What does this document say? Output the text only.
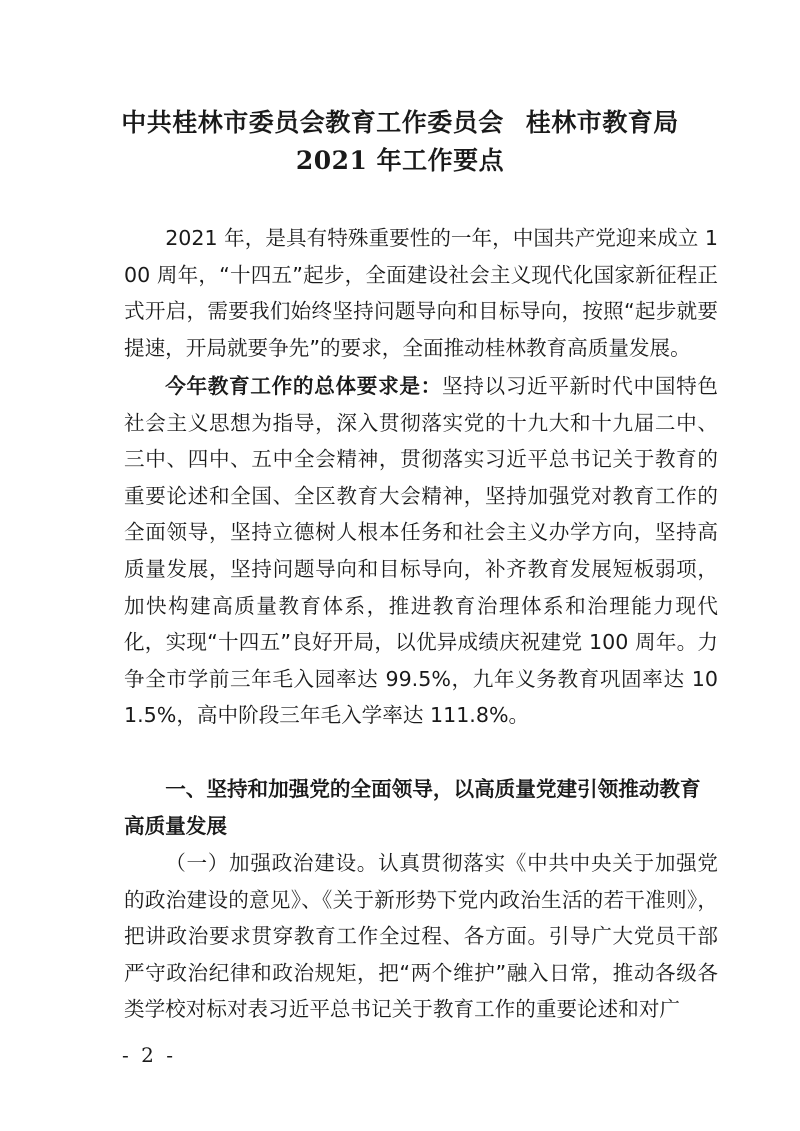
中共桂林市委员会教育工作委员会 桂林市教育局
2021 年工作要点

2021 年，是具有特殊重要性的一年，中国共产党迎来成立 100 周年，“十四五”起步，全面建设社会主义现代化国家新征程正式开启，需要我们始终坚持问题导向和目标导向，按照“起步就要提速，开局就要争先”的要求，全面推动桂林教育高质量发展。

今年教育工作的总体要求是：坚持以习近平新时代中国特色社会主义思想为指导，深入贯彻落实党的十九大和十九届二中、三中、四中、五中全会精神，贯彻落实习近平总书记关于教育的重要论述和全国、全区教育大会精神，坚持加强党对教育工作的全面领导，坚持立德树人根本任务和社会主义办学方向，坚持高质量发展，坚持问题导向和目标导向，补齐教育发展短板弱项，加快构建高质量教育体系，推进教育治理体系和治理能力现代化，实现“十四五”良好开局，以优异成绩庆祝建党 100 周年。力争全市学前三年毛入园率达 99.5%，九年义务教育巩固率达 101.5%，高中阶段三年毛入学率达 111.8%。

一、坚持和加强党的全面领导，以高质量党建引领推动教育高质量发展

（一）加强政治建设。认真贯彻落实《中共中央关于加强党的政治建设的意见》、《关于新形势下党内政治生活的若干准则》，把讲政治要求贯穿教育工作全过程、各方面。引导广大党员干部严守政治纪律和政治规矩，把“两个维护”融入日常，推动各级各类学校对标对表习近平总书记关于教育工作的重要论述和对广

- 2 -
